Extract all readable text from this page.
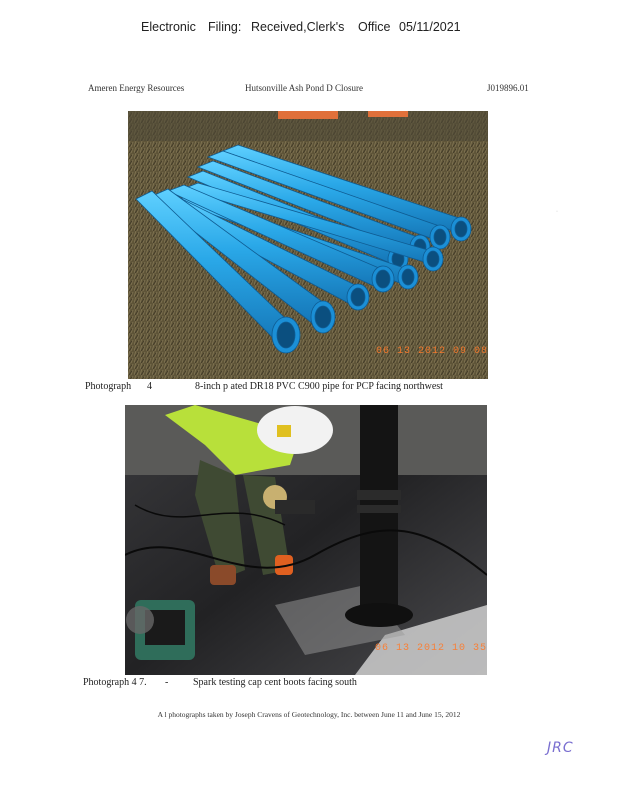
Electronic Filing: Received,Clerk's Office 05/11/2021
Ameren Energy Resources	Hutsonville Ash Pond D Closure	J019896.01
·
06 13 2012 09 08
Photograph 4	8-inch p ated DR18 PVC C900 pipe for PCP facing northwest
06 13 2012 10 35
Photograph 4 7. - Spark testing cap cent boots facing south
A l photographs taken by Joseph Cravens of Geotechnology, Inc. between June 11 and June 15, 2012
JRC
